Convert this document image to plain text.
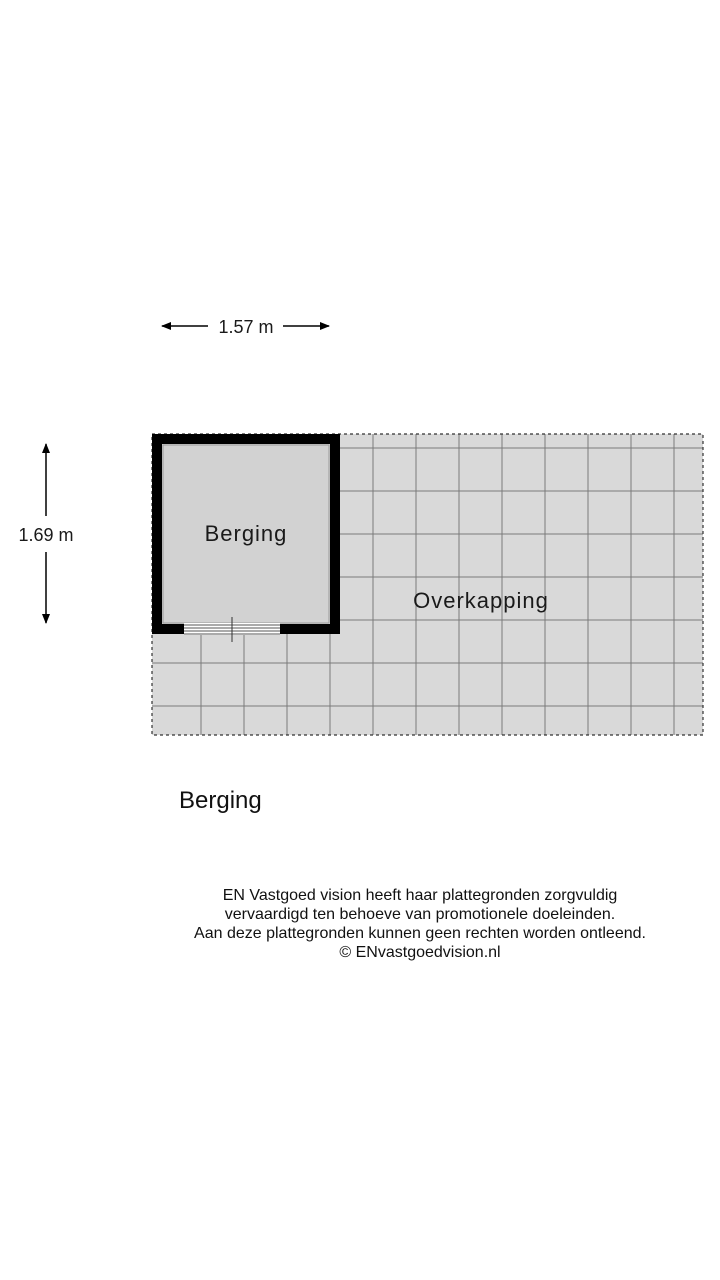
Berging
Overkapping
1.57 m
1.69 m
Berging
EN Vastgoed vision heeft haar plattegronden zorgvuldig
vervaardigd ten behoeve van promotionele doeleinden.
Aan deze plattegronden kunnen geen rechten worden ontleend.
© ENvastgoedvision.nl
